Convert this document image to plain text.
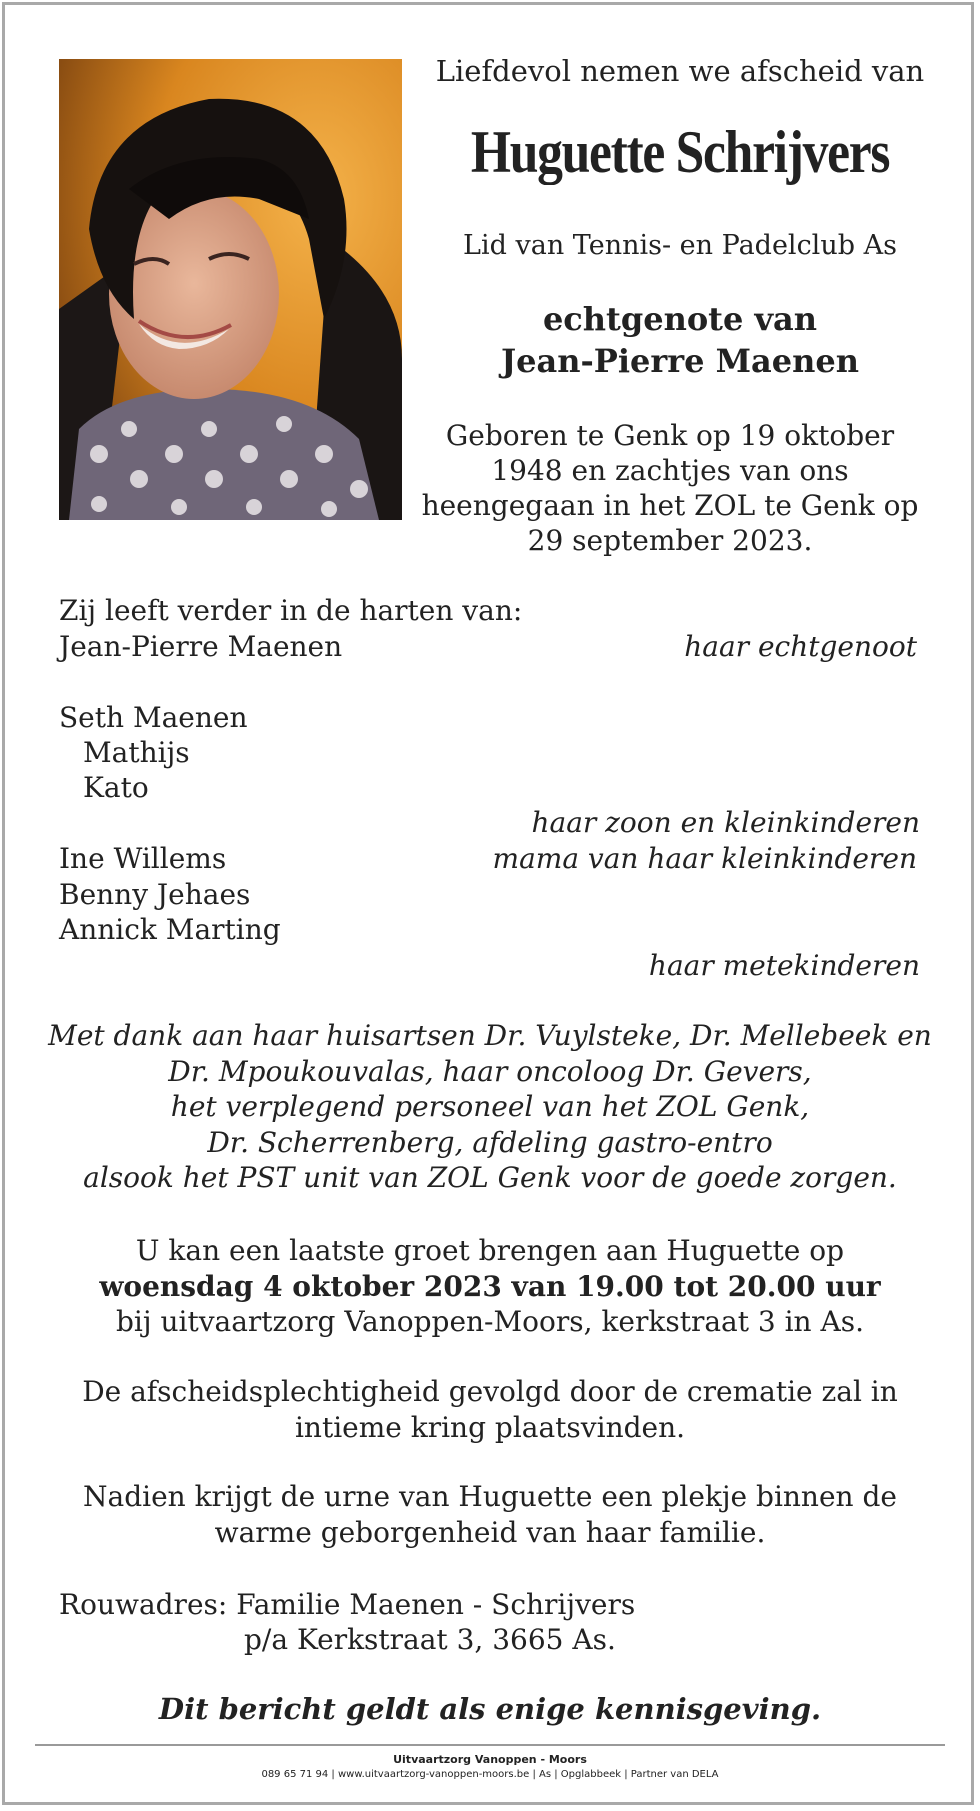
Liefdevol nemen we afscheid van
Huguette Schrijvers
Lid van Tennis- en Padelclub As
echtgenote van
Jean-Pierre Maenen
Geboren te Genk op 19 oktober 1948 en zachtjes van ons heengegaan in het ZOL te Genk op 29 september 2023.
Zij leeft verder in de harten van:
Jean-Pierre Maenen	haar echtgenoot
Seth Maenen
Mathijs
Kato
haar zoon en kleinkinderen
Ine Willems	mama van haar kleinkinderen
Benny Jehaes
Annick Marting
haar metekinderen
Met dank aan haar huisartsen Dr. Vuylsteke, Dr. Mellebeek en
Dr. Mpoukouvalas, haar oncoloog Dr. Gevers,
het verplegend personeel van het ZOL Genk,
Dr. Scherrenberg, afdeling gastro-entro
alsook het PST unit van ZOL Genk voor de goede zorgen.
U kan een laatste groet brengen aan Huguette op
woensdag 4 oktober 2023 van 19.00 tot 20.00 uur
bij uitvaartzorg Vanoppen-Moors, kerkstraat 3 in As.
De afscheidsplechtigheid gevolgd door de crematie zal in
intieme kring plaatsvinden.
Nadien krijgt de urne van Huguette een plekje binnen de
warme geborgenheid van haar familie.
Rouwadres: Familie Maenen - Schrijvers
p/a Kerkstraat 3, 3665 As.
Dit bericht geldt als enige kennisgeving.
Uitvaartzorg Vanoppen - Moors
089 65 71 94 | www.uitvaartzorg-vanoppen-moors.be | As | Opglabbeek | Partner van DELA
